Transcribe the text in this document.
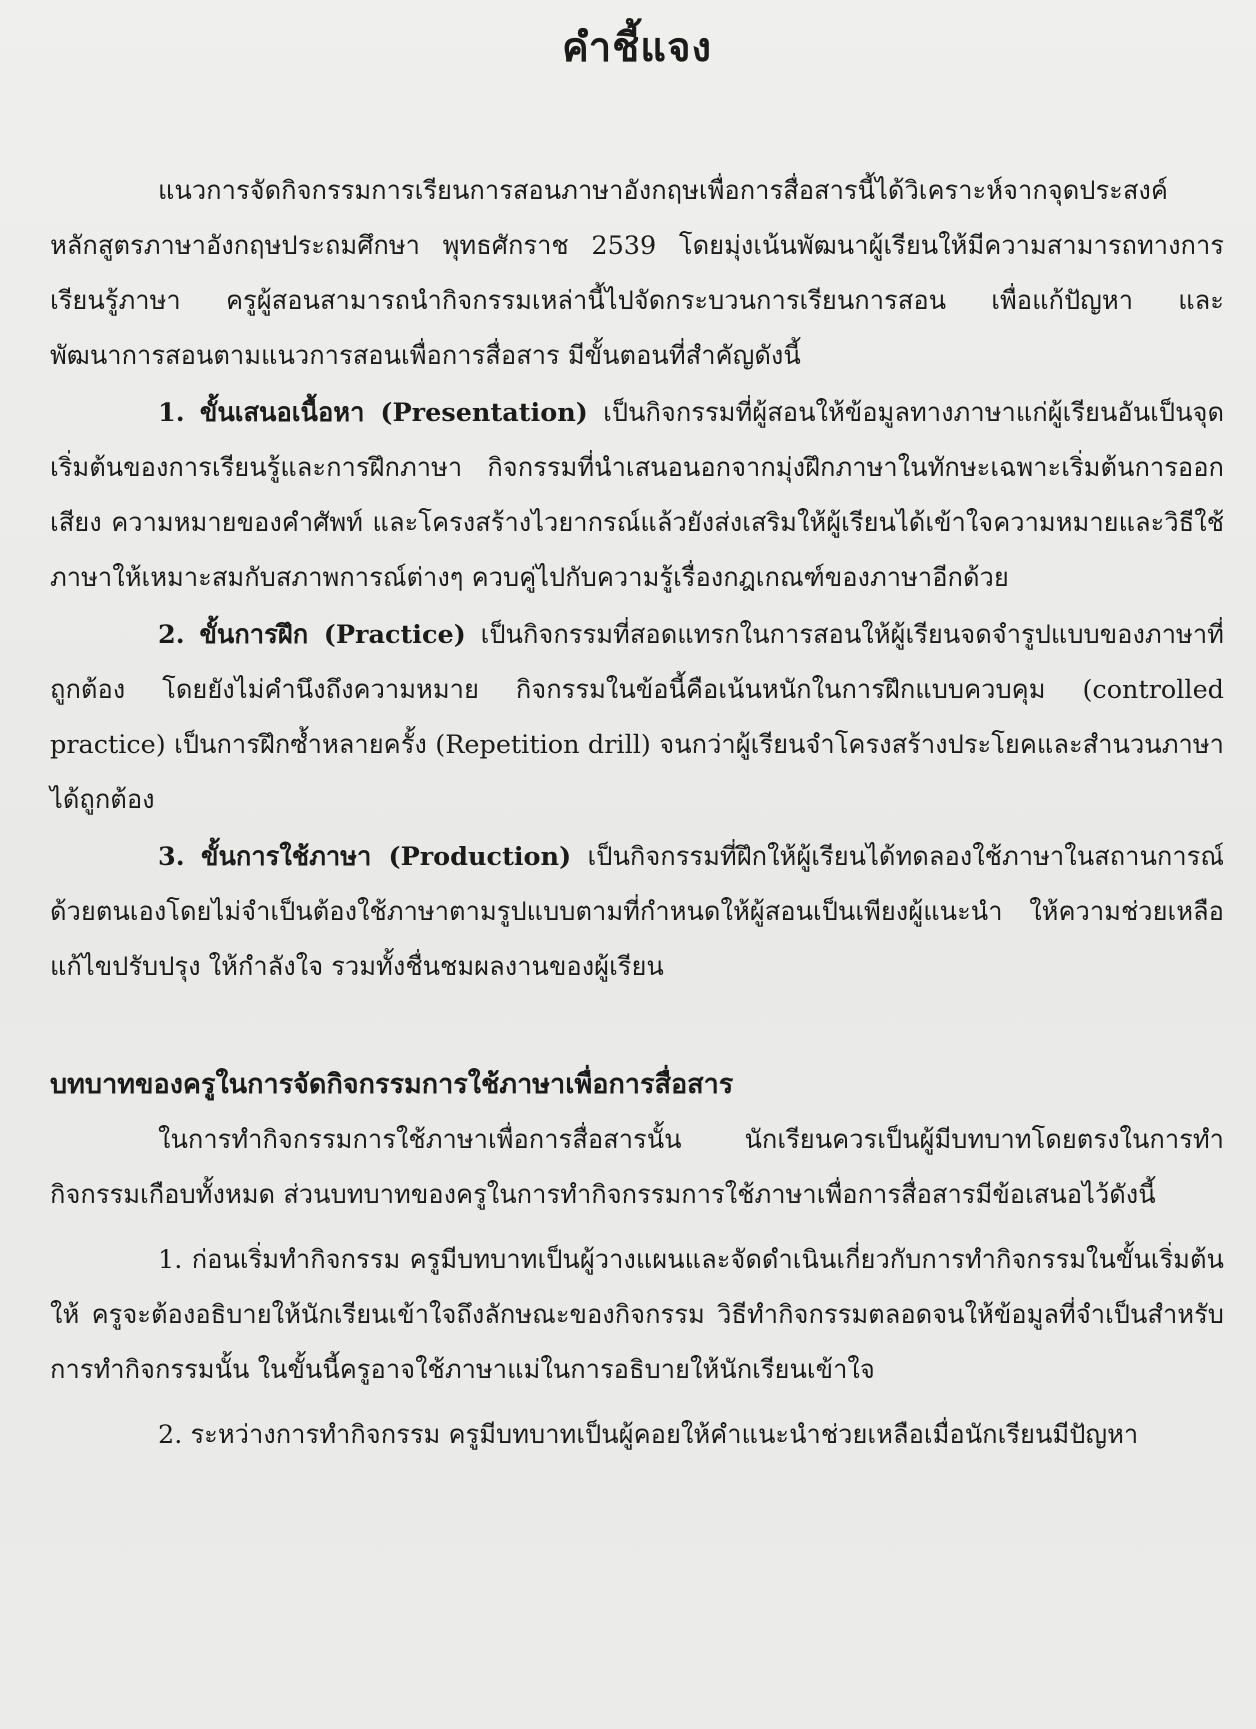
คำชี้แจง

แนวการจัดกิจกรรมการเรียนการสอนภาษาอังกฤษเพื่อการสื่อสารนี้ได้วิเคราะห์จากจุดประสงค์หลักสูตรภาษาอังกฤษประถมศึกษา พุทธศักราช 2539 โดยมุ่งเน้นพัฒนาผู้เรียนให้มีความสามารถทางการเรียนรู้ภาษา ครูผู้สอนสามารถนำกิจกรรมเหล่านี้ไปจัดกระบวนการเรียนการสอน เพื่อแก้ปัญหา และพัฒนาการสอนตามแนวการสอนเพื่อการสื่อสาร มีขั้นตอนที่สำคัญดังนี้

1. ขั้นเสนอเนื้อหา (Presentation) เป็นกิจกรรมที่ผู้สอนให้ข้อมูลทางภาษาแก่ผู้เรียนอันเป็นจุดเริ่มต้นของการเรียนรู้และการฝึกภาษา กิจกรรมที่นำเสนอนอกจากมุ่งฝึกภาษาในทักษะเฉพาะเริ่มต้นการออกเสียง ความหมายของคำศัพท์ และโครงสร้างไวยากรณ์แล้วยังส่งเสริมให้ผู้เรียนได้เข้าใจความหมายและวิธีใช้ภาษาให้เหมาะสมกับสภาพการณ์ต่างๆ ควบคู่ไปกับความรู้เรื่องกฎเกณฑ์ของภาษาอีกด้วย

2. ขั้นการฝึก (Practice) เป็นกิจกรรมที่สอดแทรกในการสอนให้ผู้เรียนจดจำรูปแบบของภาษาที่ถูกต้อง โดยยังไม่คำนึงถึงความหมาย กิจกรรมในข้อนี้คือเน้นหนักในการฝึกแบบควบคุม (controlled practice) เป็นการฝึกซ้ำหลายครั้ง (Repetition drill) จนกว่าผู้เรียนจำโครงสร้างประโยคและสำนวนภาษาได้ถูกต้อง

3. ขั้นการใช้ภาษา (Production) เป็นกิจกรรมที่ฝึกให้ผู้เรียนได้ทดลองใช้ภาษาในสถานการณ์ด้วยตนเองโดยไม่จำเป็นต้องใช้ภาษาตามรูปแบบตามที่กำหนดให้ผู้สอนเป็นเพียงผู้แนะนำ ให้ความช่วยเหลือแก้ไขปรับปรุง ให้กำลังใจ รวมทั้งชื่นชมผลงานของผู้เรียน

บทบาทของครูในการจัดกิจกรรมการใช้ภาษาเพื่อการสื่อสาร

ในการทำกิจกรรมการใช้ภาษาเพื่อการสื่อสารนั้น นักเรียนควรเป็นผู้มีบทบาทโดยตรงในการทำกิจกรรมเกือบทั้งหมด ส่วนบทบาทของครูในการทำกิจกรรมการใช้ภาษาเพื่อการสื่อสารมีข้อเสนอไว้ดังนี้

1. ก่อนเริ่มทำกิจกรรม ครูมีบทบาทเป็นผู้วางแผนและจัดดำเนินเกี่ยวกับการทำกิจกรรมในขั้นเริ่มต้นให้ ครูจะต้องอธิบายให้นักเรียนเข้าใจถึงลักษณะของกิจกรรม วิธีทำกิจกรรมตลอดจนให้ข้อมูลที่จำเป็นสำหรับการทำกิจกรรมนั้น ในขั้นนี้ครูอาจใช้ภาษาแม่ในการอธิบายให้นักเรียนเข้าใจ

2. ระหว่างการทำกิจกรรม ครูมีบทบาทเป็นผู้คอยให้คำแนะนำช่วยเหลือเมื่อนักเรียนมีปัญหา
